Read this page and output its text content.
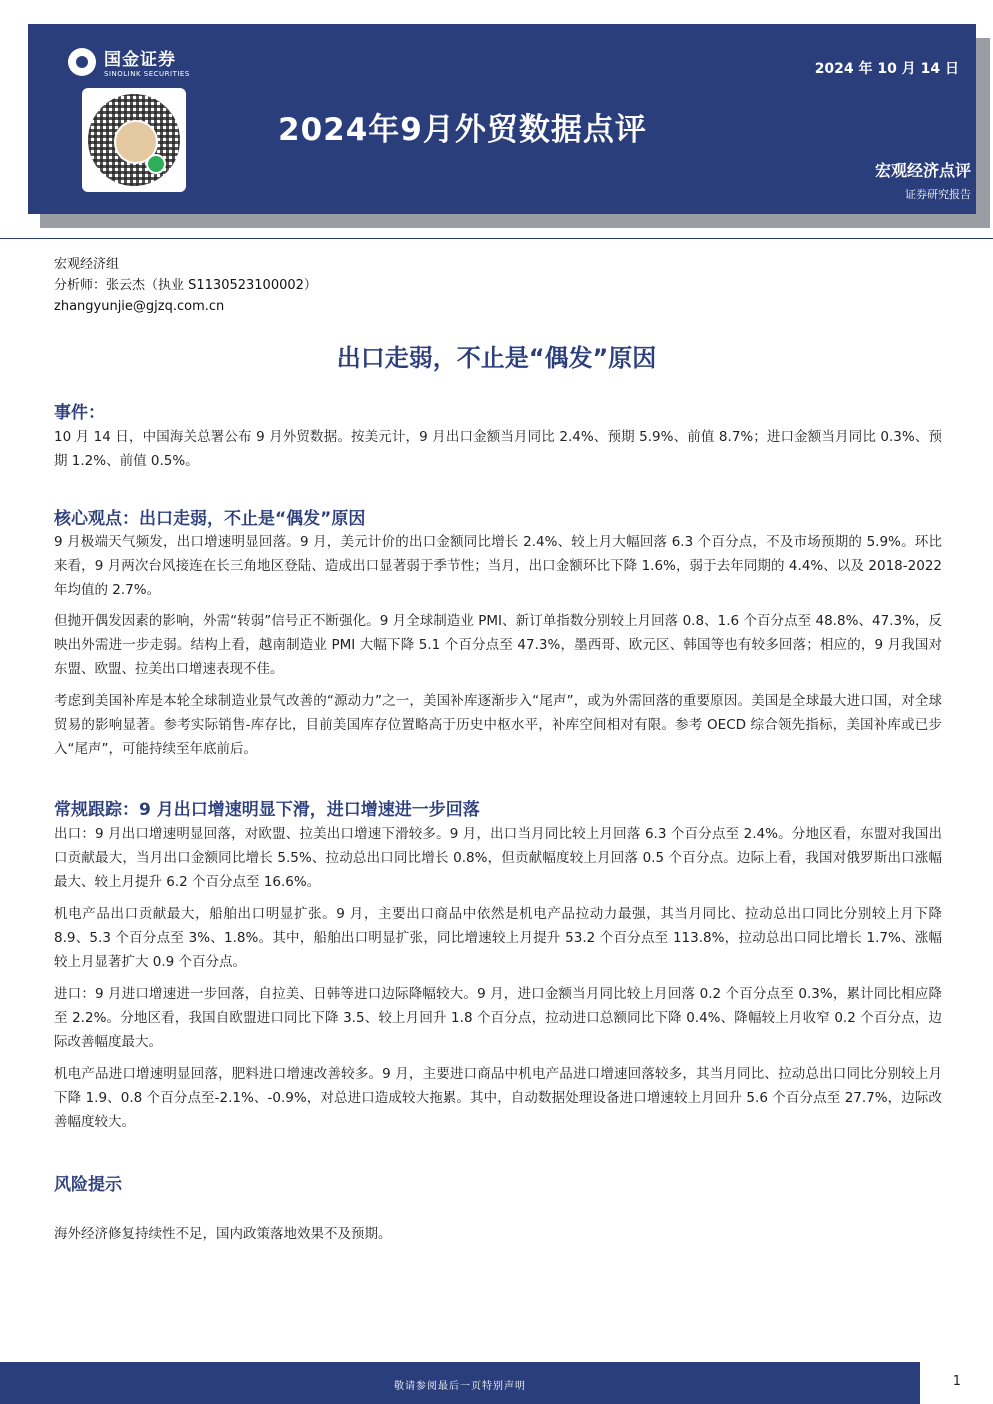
国金证券
SINOLINK SECURITIES	2024 年 10 月 14 日
2024年9月外贸数据点评
宏观经济点评
证券研究报告
宏观经济组
分析师：张云杰（执业 S1130523100002）
zhangyunjie@gjzq.com.cn
出口走弱，不止是“偶发”原因
事件：

10 月 14 日，中国海关总署公布 9 月外贸数据。按美元计，9 月出口金额当月同比 2.4%、预期 5.9%、前值 8.7%；进口金额当月同比 0.3%、预期 1.2%、前值 0.5%。

核心观点：出口走弱，不止是“偶发”原因

9 月极端天气频发，出口增速明显回落。9 月，美元计价的出口金额同比增长 2.4%、较上月大幅回落 6.3 个百分点，不及市场预期的 5.9%。环比来看，9 月两次台风接连在长三角地区登陆、造成出口显著弱于季节性；当月，出口金额环比下降 1.6%，弱于去年同期的 4.4%、以及 2018-2022 年均值的 2.7%。

但抛开偶发因素的影响，外需“转弱”信号正不断强化。9 月全球制造业 PMI、新订单指数分别较上月回落 0.8、1.6 个百分点至 48.8%、47.3%，反映出外需进一步走弱。结构上看，越南制造业 PMI 大幅下降 5.1 个百分点至 47.3%，墨西哥、欧元区、韩国等也有较多回落；相应的，9 月我国对东盟、欧盟、拉美出口增速表现不佳。

考虑到美国补库是本轮全球制造业景气改善的“源动力”之一，美国补库逐渐步入“尾声”，或为外需回落的重要原因。美国是全球最大进口国，对全球贸易的影响显著。参考实际销售-库存比，目前美国库存位置略高于历史中枢水平，补库空间相对有限。参考 OECD 综合领先指标，美国补库或已步入“尾声”，可能持续至年底前后。

常规跟踪：9 月出口增速明显下滑，进口增速进一步回落

出口：9 月出口增速明显回落，对欧盟、拉美出口增速下滑较多。9 月，出口当月同比较上月回落 6.3 个百分点至 2.4%。分地区看，东盟对我国出口贡献最大，当月出口金额同比增长 5.5%、拉动总出口同比增长 0.8%，但贡献幅度较上月回落 0.5 个百分点。边际上看，我国对俄罗斯出口涨幅最大、较上月提升 6.2 个百分点至 16.6%。

机电产品出口贡献最大，船舶出口明显扩张。9 月，主要出口商品中依然是机电产品拉动力最强，其当月同比、拉动总出口同比分别较上月下降 8.9、5.3 个百分点至 3%、1.8%。其中，船舶出口明显扩张，同比增速较上月提升 53.2 个百分点至 113.8%，拉动总出口同比增长 1.7%、涨幅较上月显著扩大 0.9 个百分点。

进口：9 月进口增速进一步回落，自拉美、日韩等进口边际降幅较大。9 月，进口金额当月同比较上月回落 0.2 个百分点至 0.3%，累计同比相应降至 2.2%。分地区看，我国自欧盟进口同比下降 3.5、较上月回升 1.8 个百分点，拉动进口总额同比下降 0.4%、降幅较上月收窄 0.2 个百分点，边际改善幅度最大。

机电产品进口增速明显回落，肥料进口增速改善较多。9 月，主要进口商品中机电产品进口增速回落较多，其当月同比、拉动总出口同比分别较上月下降 1.9、0.8 个百分点至-2.1%、-0.9%，对总进口造成较大拖累。其中，自动数据处理设备进口增速较上月回升 5.6 个百分点至 27.7%，边际改善幅度较大。

风险提示

海外经济修复持续性不足，国内政策落地效果不及预期。

敬请参阅最后一页特别声明	1
